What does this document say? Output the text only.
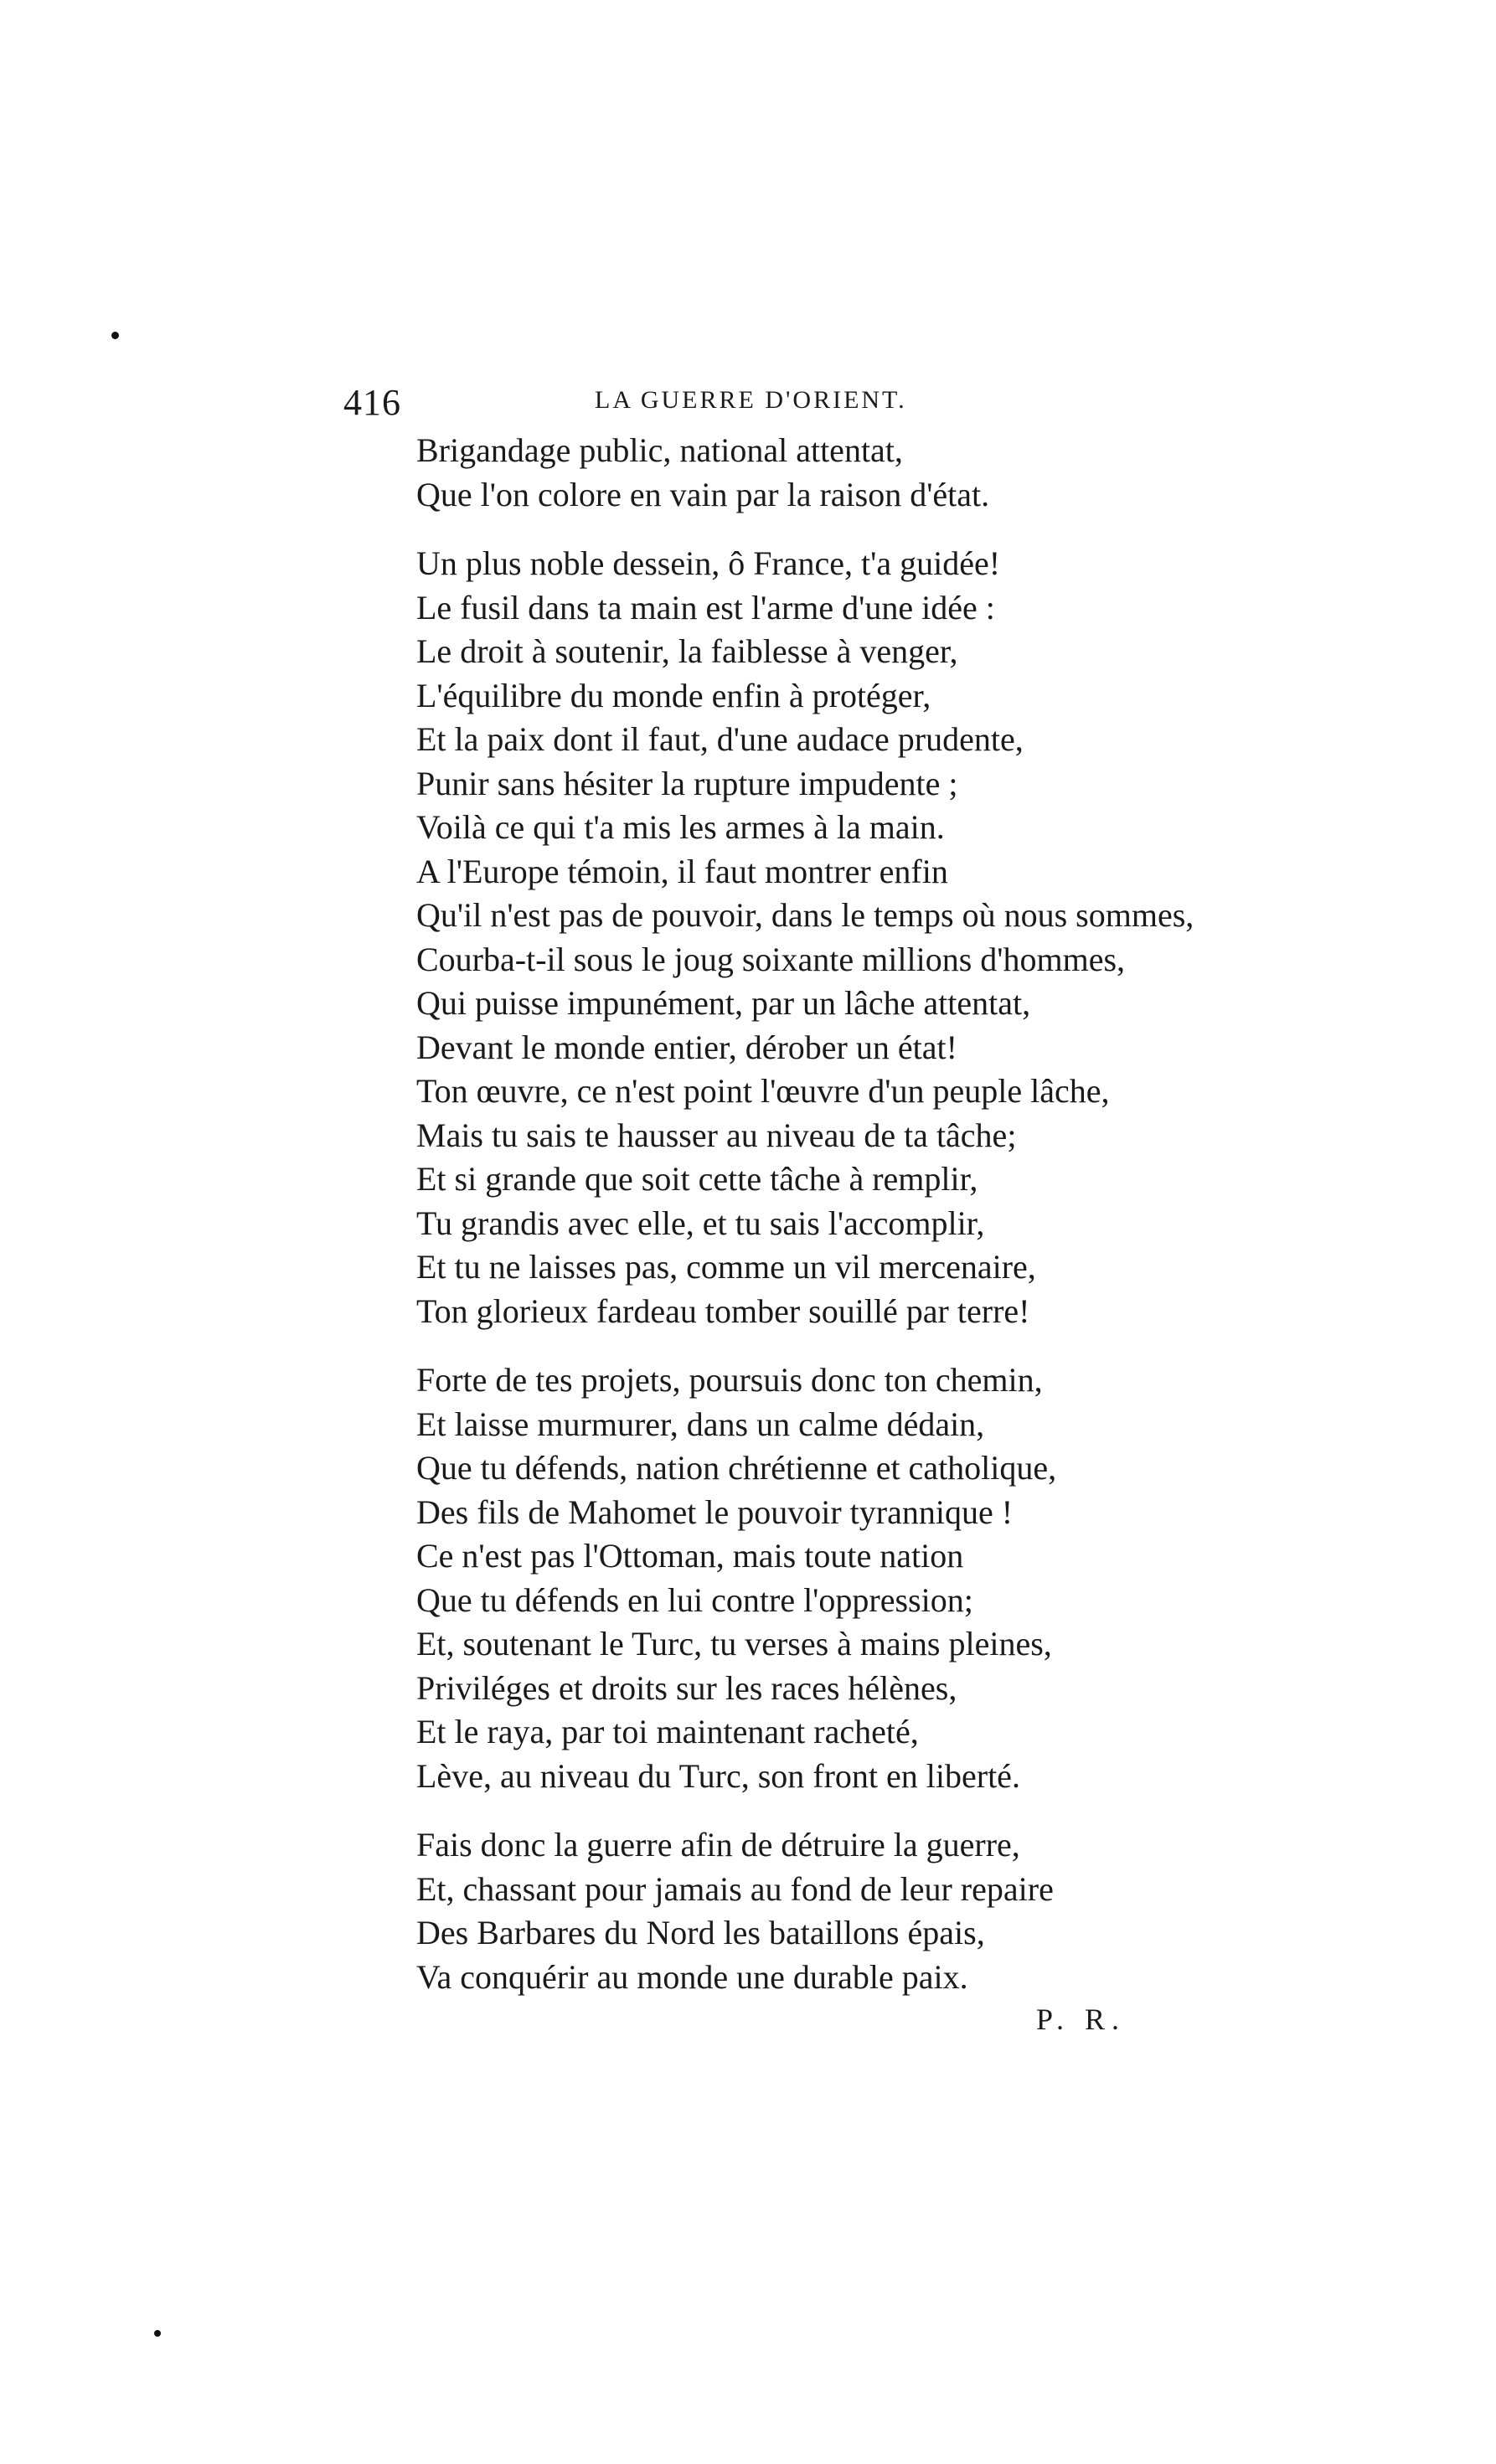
416	LA GUERRE D'ORIENT.
Brigandage public, national attentat,
Que l'on colore en vain par la raison d'état.
Un plus noble dessein, ô France, t'a guidée!
Le fusil dans ta main est l'arme d'une idée :
Le droit à soutenir, la faiblesse à venger,
L'équilibre du monde enfin à protéger,
Et la paix dont il faut, d'une audace prudente,
Punir sans hésiter la rupture impudente ;
Voilà ce qui t'a mis les armes à la main.
A l'Europe témoin, il faut montrer enfin
Qu'il n'est pas de pouvoir, dans le temps où nous sommes,
Courba-t-il sous le joug soixante millions d'hommes,
Qui puisse impunément, par un lâche attentat,
Devant le monde entier, dérober un état!
Ton œuvre, ce n'est point l'œuvre d'un peuple lâche,
Mais tu sais te hausser au niveau de ta tâche;
Et si grande que soit cette tâche à remplir,
Tu grandis avec elle, et tu sais l'accomplir,
Et tu ne laisses pas, comme un vil mercenaire,
Ton glorieux fardeau tomber souillé par terre!
Forte de tes projets, poursuis donc ton chemin,
Et laisse murmurer, dans un calme dédain,
Que tu défends, nation chrétienne et catholique,
Des fils de Mahomet le pouvoir tyrannique !
Ce n'est pas l'Ottoman, mais toute nation
Que tu défends en lui contre l'oppression;
Et, soutenant le Turc, tu verses à mains pleines,
Priviléges et droits sur les races hélènes,
Et le raya, par toi maintenant racheté,
Lève, au niveau du Turc, son front en liberté.
Fais donc la guerre afin de détruire la guerre,
Et, chassant pour jamais au fond de leur repaire
Des Barbares du Nord les bataillons épais,
Va conquérir au monde une durable paix.
P. R.
